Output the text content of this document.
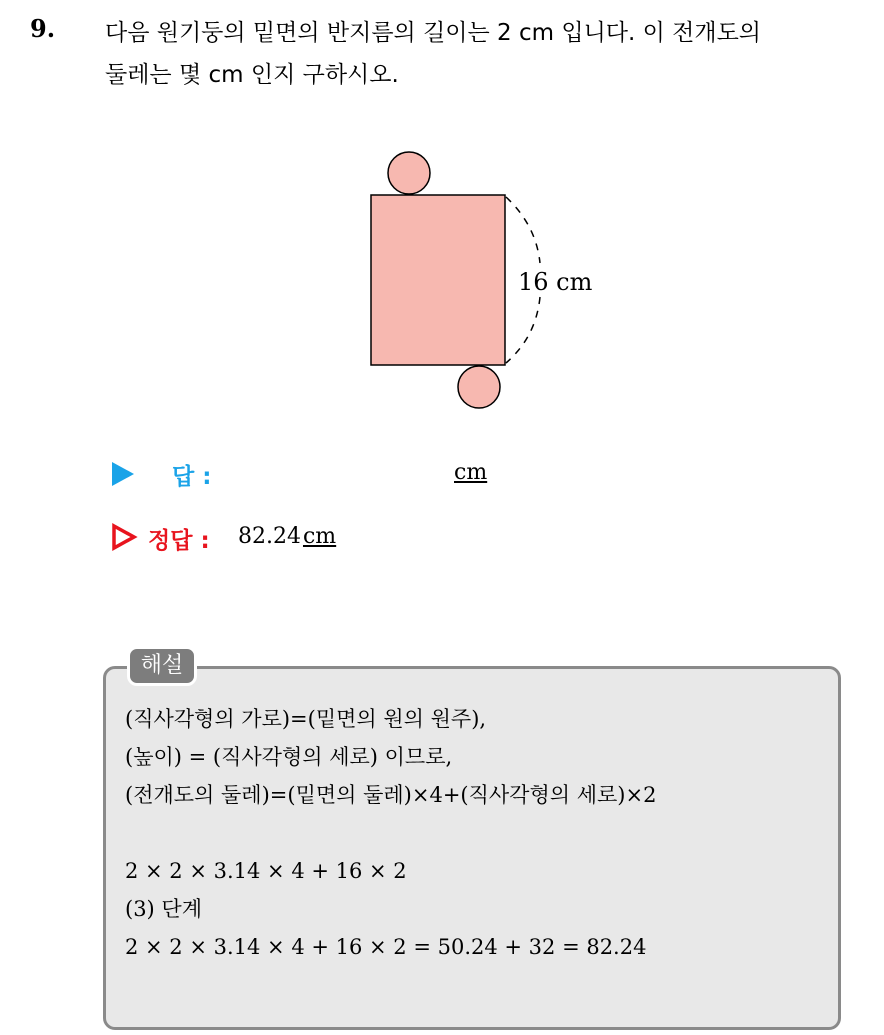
9. 다음 원기둥의 밑면의 반지름의 길이는 2 cm 입니다. 이 전개도의
둘레는 몇 cm 인지 구하시오.
16 cm
답 :	cm
정답 : 82.24cm
해설
(직사각형의 가로)=(밑면의 원의 원주),
(높이) = (직사각형의 세로) 이므로,
(전개도의 둘레)=(밑면의 둘레)×4+(직사각형의 세로)×2
2 × 2 × 3.14 × 4 + 16 × 2
(3) 단계
2 × 2 × 3.14 × 4 + 16 × 2 = 50.24 + 32 = 82.24
